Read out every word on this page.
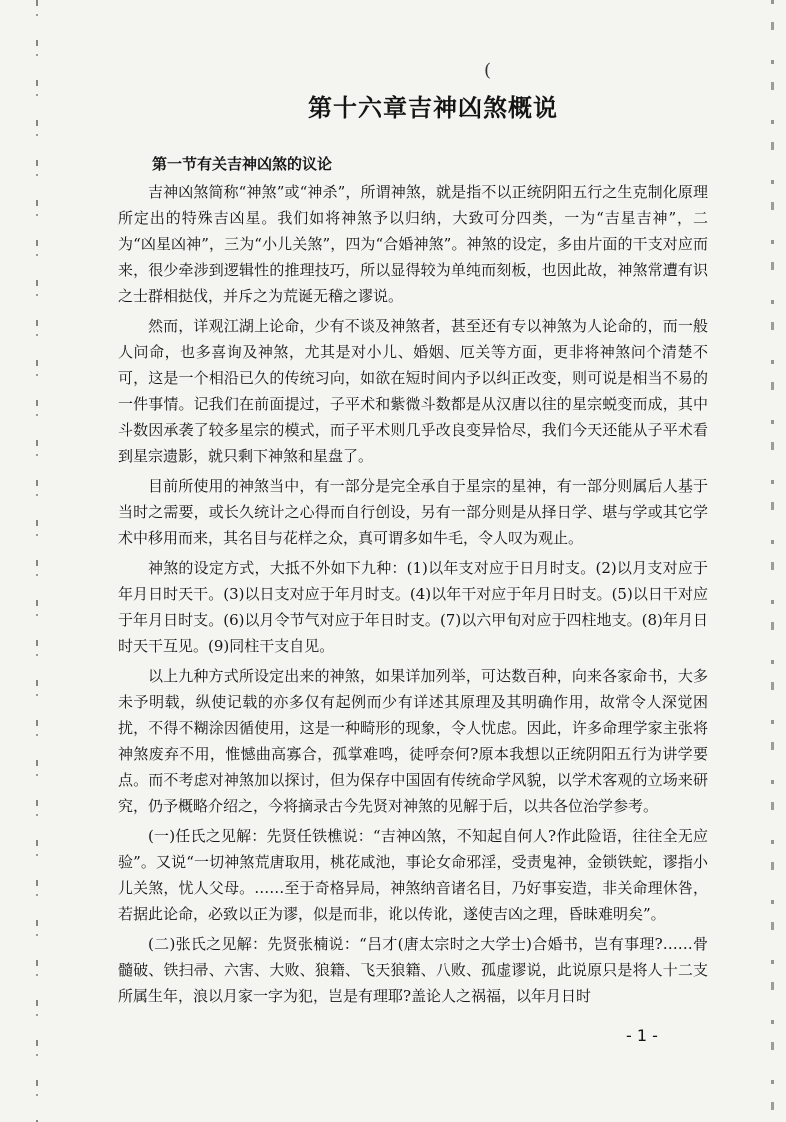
(
第十六章吉神凶煞概说
第一节有关吉神凶煞的议论

吉神凶煞简称“神煞”或“神杀”，所谓神煞，就是指不以正统阴阳五行之生克制化原理所定出的特殊吉凶星。我们如将神煞予以归纳，大致可分四类，一为“吉星吉神”，二为“凶星凶神”，三为“小儿关煞”，四为“合婚神煞”。神煞的设定，多由片面的干支对应而来，很少牵涉到逻辑性的推理技巧，所以显得较为单纯而刻板，也因此故，神煞常遭有识之士群相挞伐，并斥之为荒诞无稽之谬说。

然而，详观江湖上论命，少有不谈及神煞者，甚至还有专以神煞为人论命的，而一般人问命，也多喜询及神煞，尤其是对小儿、婚姻、厄关等方面，更非将神煞问个清楚不可，这是一个相沿已久的传统习向，如欲在短时间内予以纠正改变，则可说是相当不易的一件事情。记我们在前面提过，子平术和紫微斗数都是从汉唐以往的星宗蜕变而成，其中斗数因承袭了较多星宗的模式，而子平术则几乎改良变异恰尽，我们今天还能从子平术看到星宗遗影，就只剩下神煞和星盘了。

目前所使用的神煞当中，有一部分是完全承自于星宗的星神，有一部分则属后人基于当时之需要，或长久统计之心得而自行创设，另有一部分则是从择日学、堪与学或其它学术中移用而来，其名目与花样之众，真可谓多如牛毛，令人叹为观止。

神煞的设定方式，大抵不外如下九种：(1)以年支对应于日月时支。(2)以月支对应于年月日时天干。(3)以日支对应于年月时支。(4)以年干对应于年月日时支。(5)以日干对应于年月日时支。(6)以月令节气对应于年日时支。(7)以六甲旬对应于四柱地支。(8)年月日时天干互见。(9)同柱干支自见。

以上九种方式所设定出来的神煞，如果详加列举，可达数百种，向来各家命书，大多未予明载，纵使记载的亦多仅有起例而少有详述其原理及其明确作用，故常令人深觉困扰，不得不糊涂因循使用，这是一种畸形的现象，令人忧虑。因此，许多命理学家主张将神煞废弃不用，惟憾曲高寡合，孤掌难鸣，徒呼奈何?原本我想以正统阴阳五行为讲学要点。而不考虑对神煞加以探讨，但为保存中国固有传统命学风貌，以学术客观的立场来研究，仍予概略介绍之，今将摘录古今先贤对神煞的见解于后，以共各位治学参考。

(一)任氏之见解：先贤任铁樵说：“吉神凶煞，不知起自何人?作此险语，往往全无应验”。又说“一切神煞荒唐取用，桃花咸池，事论女命邪淫，受责鬼神，金锁铁蛇，谬指小儿关煞，忧人父母。……至于奇格异局，神煞纳音诸名目，乃好事妄造，非关命理休咎，若据此论命，必致以正为谬，似是而非，讹以传讹，遂使吉凶之理，昏昧难明矣”。

(二)张氏之见解：先贤张楠说：“吕才(唐太宗时之大学士)合婚书，岂有事理?……骨髓破、铁扫帚、六害、大败、狼籍、飞天狼籍、八败、孤虚谬说，此说原只是将人十二支所属生年，浪以月家一字为犯，岂是有理耶?盖论人之祸福，以年月日时

- 1 -
